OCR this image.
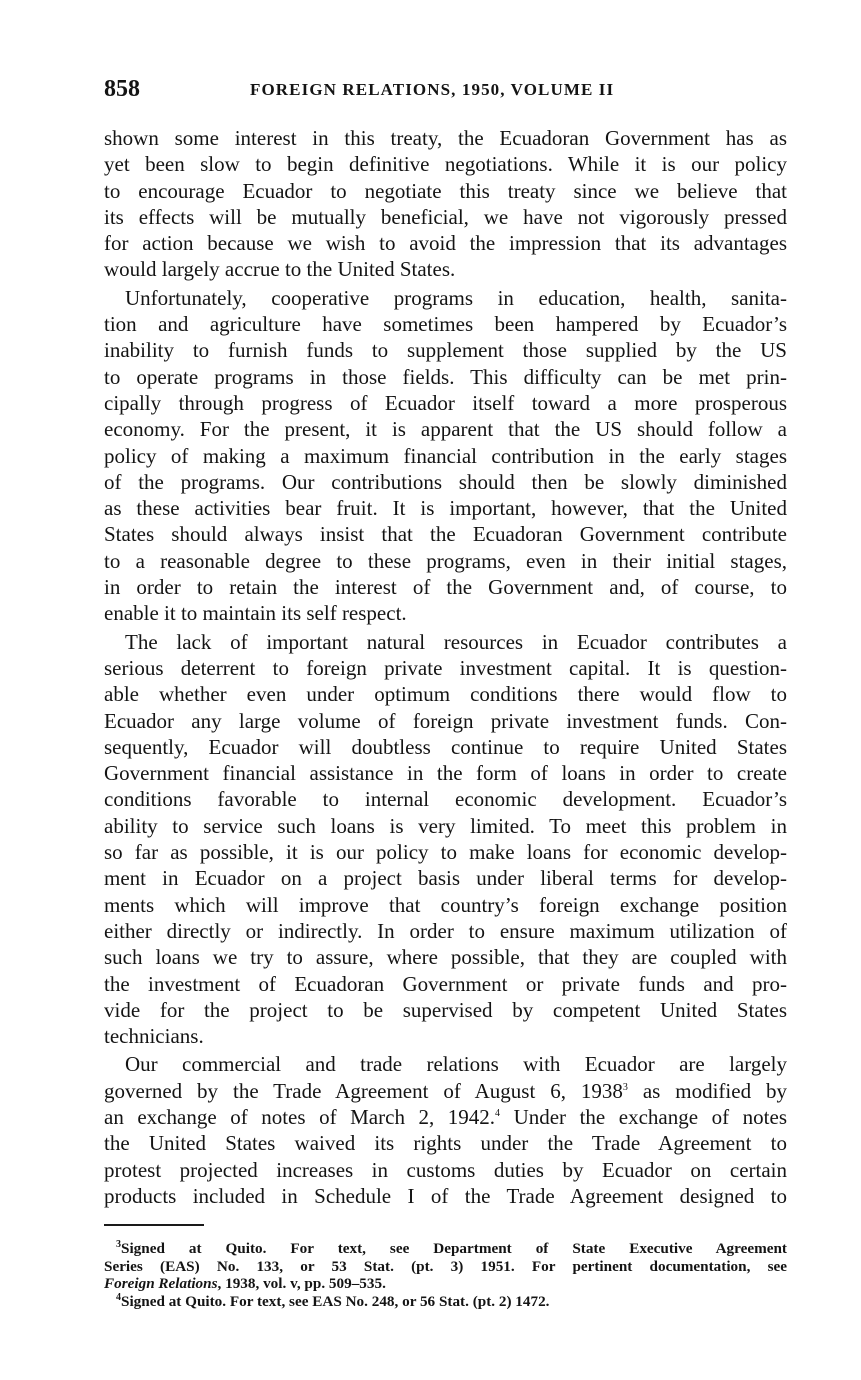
858	FOREIGN RELATIONS, 1950, VOLUME II
shown some interest in this treaty, the Ecuadoran Government has as
yet been slow to begin definitive negotiations. While it is our policy
to encourage Ecuador to negotiate this treaty since we believe that
its effects will be mutually beneficial, we have not vigorously pressed
for action because we wish to avoid the impression that its advantages
would largely accrue to the United States.
Unfortunately, cooperative programs in education, health, sanita-
tion and agriculture have sometimes been hampered by Ecuador’s
inability to furnish funds to supplement those supplied by the US
to operate programs in those fields. This difficulty can be met prin-
cipally through progress of Ecuador itself toward a more prosperous
economy. For the present, it is apparent that the US should follow a
policy of making a maximum financial contribution in the early stages
of the programs. Our contributions should then be slowly diminished
as these activities bear fruit. It is important, however, that the United
States should always insist that the Ecuadoran Government contribute
to a reasonable degree to these programs, even in their initial stages,
in order to retain the interest of the Government and, of course, to
enable it to maintain its self respect.
The lack of important natural resources in Ecuador contributes a
serious deterrent to foreign private investment capital. It is question-
able whether even under optimum conditions there would flow to
Ecuador any large volume of foreign private investment funds. Con-
sequently, Ecuador will doubtless continue to require United States
Government financial assistance in the form of loans in order to create
conditions favorable to internal economic development. Ecuador’s
ability to service such loans is very limited. To meet this problem in
so far as possible, it is our policy to make loans for economic develop-
ment in Ecuador on a project basis under liberal terms for develop-
ments which will improve that country’s foreign exchange position
either directly or indirectly. In order to ensure maximum utilization of
such loans we try to assure, where possible, that they are coupled with
the investment of Ecuadoran Government or private funds and pro-
vide for the project to be supervised by competent United States
technicians.
Our commercial and trade relations with Ecuador are largely
governed by the Trade Agreement of August 6, 1938$^3$ as modified by
an exchange of notes of March 2, 1942.$^4$ Under the exchange of notes
the United States waived its rights under the Trade Agreement to
protest projected increases in customs duties by Ecuador on certain
products included in Schedule I of the Trade Agreement designed to
$^3$Signed at Quito. For text, see Department of State Executive Agreement
Series (EAS) No. 133, or 53 Stat. (pt. 3) 1951. For pertinent documentation, see
Foreign Relations, 1938, vol. v, pp. 509–535.
$^4$Signed at Quito. For text, see EAS No. 248, or 56 Stat. (pt. 2) 1472.
